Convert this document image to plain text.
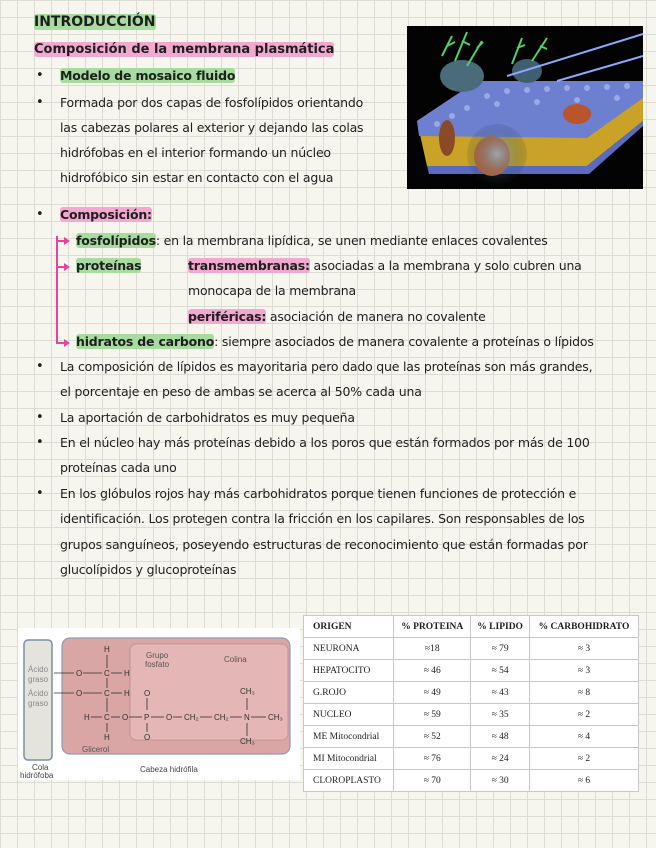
INTRODUCCIÓN
Composición de la membrana plasmática
• Modelo de mosaico fluido
• Formada por dos capas de fosfolípidos orientando
las cabezas polares al exterior y dejando las colas
hidrófobas en el interior formando un núcleo
hidrofóbico sin estar en contacto con el agua
• Composición:
fosfolípidos: en la membrana lipídica, se unen mediante enlaces covalentes
proteínas	transmembranas: asociadas a la membrana y solo cubren una
monocapa de la membrana
periféricas: asociación de manera no covalente
hidratos de carbono: siempre asociados de manera covalente a proteínas o lípidos
• La composición de lípidos es mayoritaria pero dado que las proteínas son más grandes,
el porcentaje en peso de ambas se acerca al 50% cada una
• La aportación de carbohidratos es muy pequeña
• En el núcleo hay más proteínas debido a los poros que están formados por más de 100
proteínas cada uno
• En los glóbulos rojos hay más carbohidratos porque tienen funciones de protección e
identificación. Los protegen contra la fricción en los capilares. Son responsables de los
grupos sanguíneos, poseyendo estructuras de reconocimiento que están formadas por
glucolípidos y glucoproteínas
Ácido
graso
Ácido
graso
Cola
hidrófoba
Grupo
fosfato
Colina
Glicerol
Cabeza hidrófila
H
O	C H
O	C H O
H C O P O CH₂ CH₂ N CH₃
H	O
CH₃
CH₃
ORIGEN	% PROTEINA	% LIPIDO	% CARBOHIDRATO
NEURONA	≈18	≈ 79	≈ 3
HEPATOCITO	≈ 46	≈ 54	≈ 3
G.ROJO	≈ 49	≈ 43	≈ 8
NUCLEO	≈ 59	≈ 35	≈ 2
ME Mitocondrial	≈ 52	≈ 48	≈ 4
MI Mitocondrial	≈ 76	≈ 24	≈ 2
CLOROPLASTO	≈ 70	≈ 30	≈ 6
